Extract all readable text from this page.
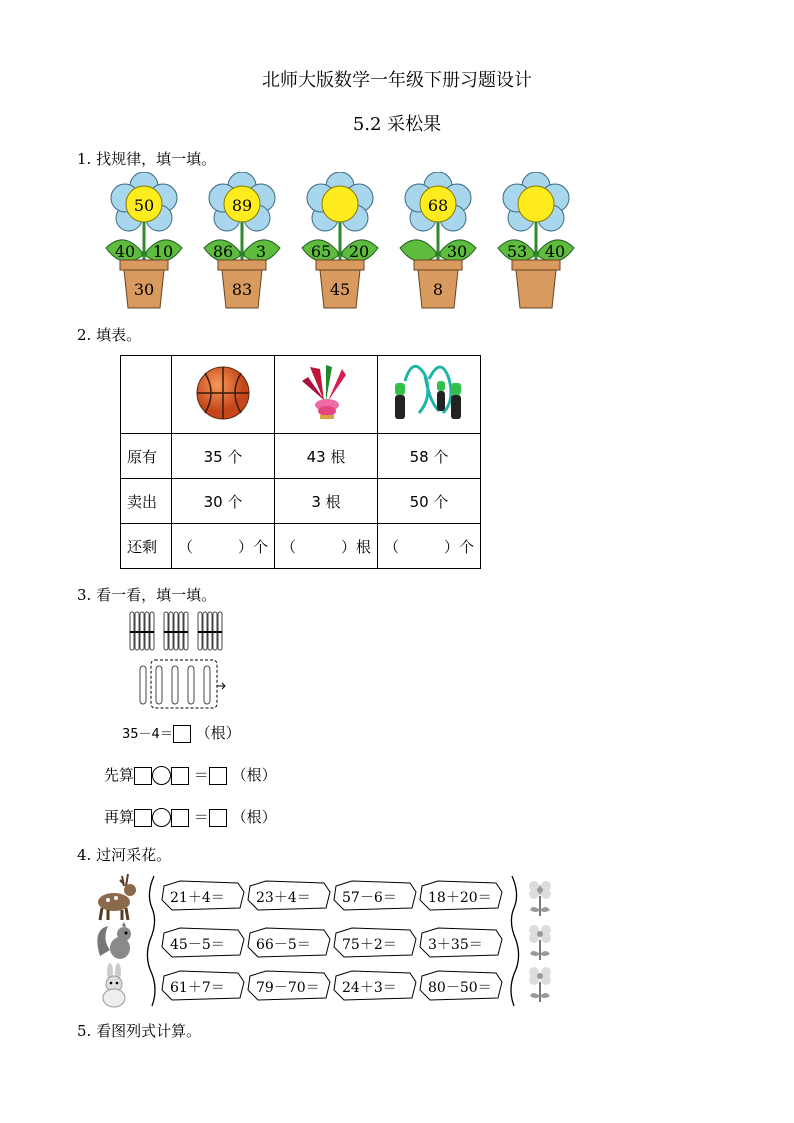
北师大版数学一年级下册习题设计
5.2 采松果
1. 找规律，填一填。
50
40	10
30
89
86	3
83
65	20
45
68
30
8
53	40
2. 填表。

原有	35 个	43 根	58 个
卖出	30 个	3 根	50 个
还剩	（　　　）个	（　　　）根	（　　　）个
3. 看一看，填一填。
35－4＝ （根）
先算	＝ （根）
再算	＝ （根）
4. 过河采花。
21＋4＝ 23＋4＝ 57－6＝ 18＋20＝
45－5＝ 66－5＝ 75＋2＝ 3＋35＝
61＋7＝ 79－70＝ 24＋3＝ 80－50＝
5. 看图列式计算。
